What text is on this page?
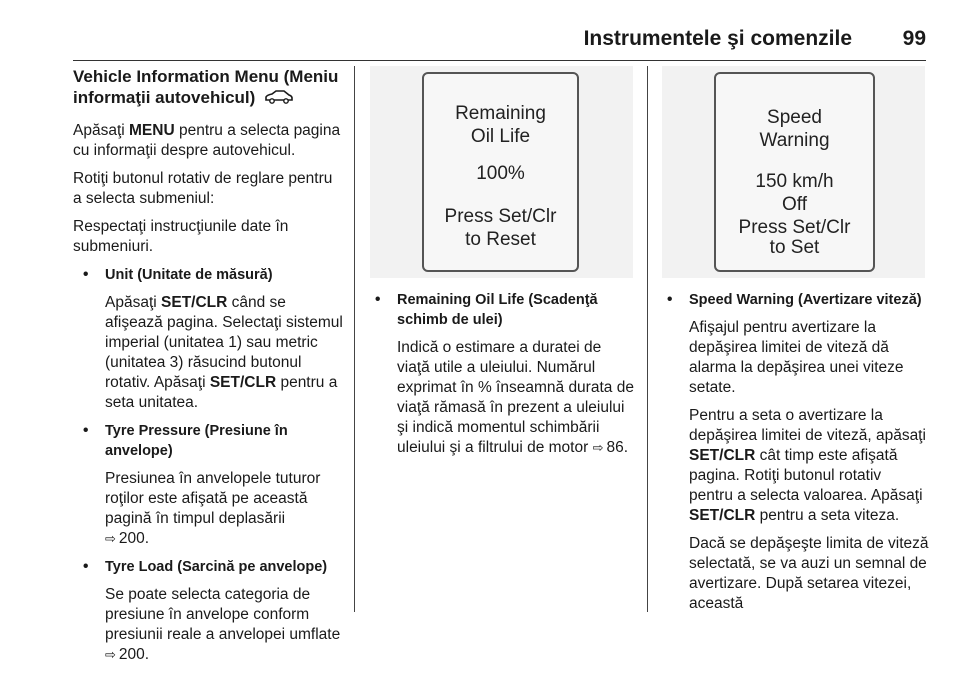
Instrumentele şi comenzile 99
Vehicle Information Menu (Meniu informaţii autovehicul)

Apăsaţi MENU pentru a selecta pagina cu informaţii despre autovehicul.

Rotiţi butonul rotativ de reglare pentru a selecta submeniul:

Respectaţi instrucţiunile date în submeniuri.

• Unit (Unitate de măsură)
Apăsaţi SET/CLR când se afişează pagina. Selectaţi sistemul imperial (unitatea 1) sau metric (unitatea 3) răsucind butonul rotativ. Apăsaţi SET/CLR pentru a seta unitatea.
• Tyre Pressure (Presiune în anvelope)
Presiunea în anvelopele tuturor roţilor este afişată pe această pagină în timpul deplasării
⇨ 200.
• Tyre Load (Sarcină pe anvelope)
Se poate selecta categoria de presiune în anvelope conform presiunii reale a anvelopei umflate ⇨ 200.
Remaining
Oil Life
100%
Press Set/Clr
to Reset
• Remaining Oil Life (Scadenţă schimb de ulei)
Indică o estimare a duratei de viaţă utile a uleiului. Numărul exprimat în % înseamnă durata de viaţă rămasă în prezent a uleiului şi indică momentul schimbării uleiului şi a filtrului de motor ⇨ 86.
Speed
Warning
150 km/h
Off
Press Set/Clr
to Set
• Speed Warning (Avertizare viteză)

Afişajul pentru avertizare la depăşirea limitei de viteză dă alarma la depăşirea unei viteze setate.

Pentru a seta o avertizare la depăşirea limitei de viteză, apăsaţi SET/CLR cât timp este afişată pagina. Rotiţi butonul rotativ pentru a selecta valoarea. Apăsaţi SET/CLR pentru a seta viteza.

Dacă se depăşeşte limita de viteză selectată, se va auzi un semnal de avertizare. După setarea vitezei, această
